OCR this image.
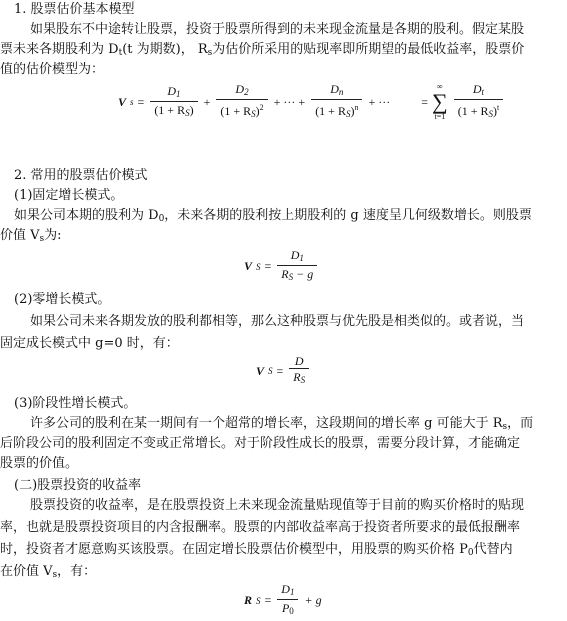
1. 股票估价基本模型
如果股东不中途转让股票，投资于股票所得到的未来现金流量是各期的股利。假定某股
票未来各期股利为 $D_t(t$ 为期数)， $R_s$为估价所采用的贴现率即所期望的最低收益率，股票价
值的估价模型为：
V $s = \frac{D_1}{(1 + R_S)} + \frac{D_2}{(1 + R_S)^2}$ + ··· + $\frac{D_n}{(1 + R_S)^n}$ + ···
	=
∞
∑
$t=1 \frac{D_t}{(1 + R_S)^t}$
2. 常用的股票估价模式
(1)固定增长模式。
如果公司本期的股利为 $D_0$，未来各期的股利按上期股利的 g 速度呈几何级数增长。则股票
价值 $V_s$为:
V $S = \frac{D_1}{R_S - g}$
(2)零增长模式。
如果公司未来各期发放的股利都相等，那么这种股票与优先股是相类似的。或者说，当
固定成长模式中 g=0 时，有：
V $S = \frac{D}{R_S}$
(3)阶段性增长模式。
许多公司的股利在某一期间有一个超常的增长率，这段期间的增长率 g 可能大于 $R_s$，而
后阶段公司的股利固定不变或正常增长。对于阶段性成长的股票，需要分段计算，才能确定
股票的价值。
(二)股票投资的收益率
股票投资的收益率，是在股票投资上未来现金流量贴现值等于目前的购买价格时的贴现
率，也就是股票投资项目的内含报酬率。股票的内部收益率高于投资者所要求的最低报酬率
时，投资者才愿意购买该股票。在固定增长股票估价模型中，用股票的购买价格 $P_0$代替内
在价值 $V_s$，有：
R $S = \frac{D_1}{P_0} + g$
